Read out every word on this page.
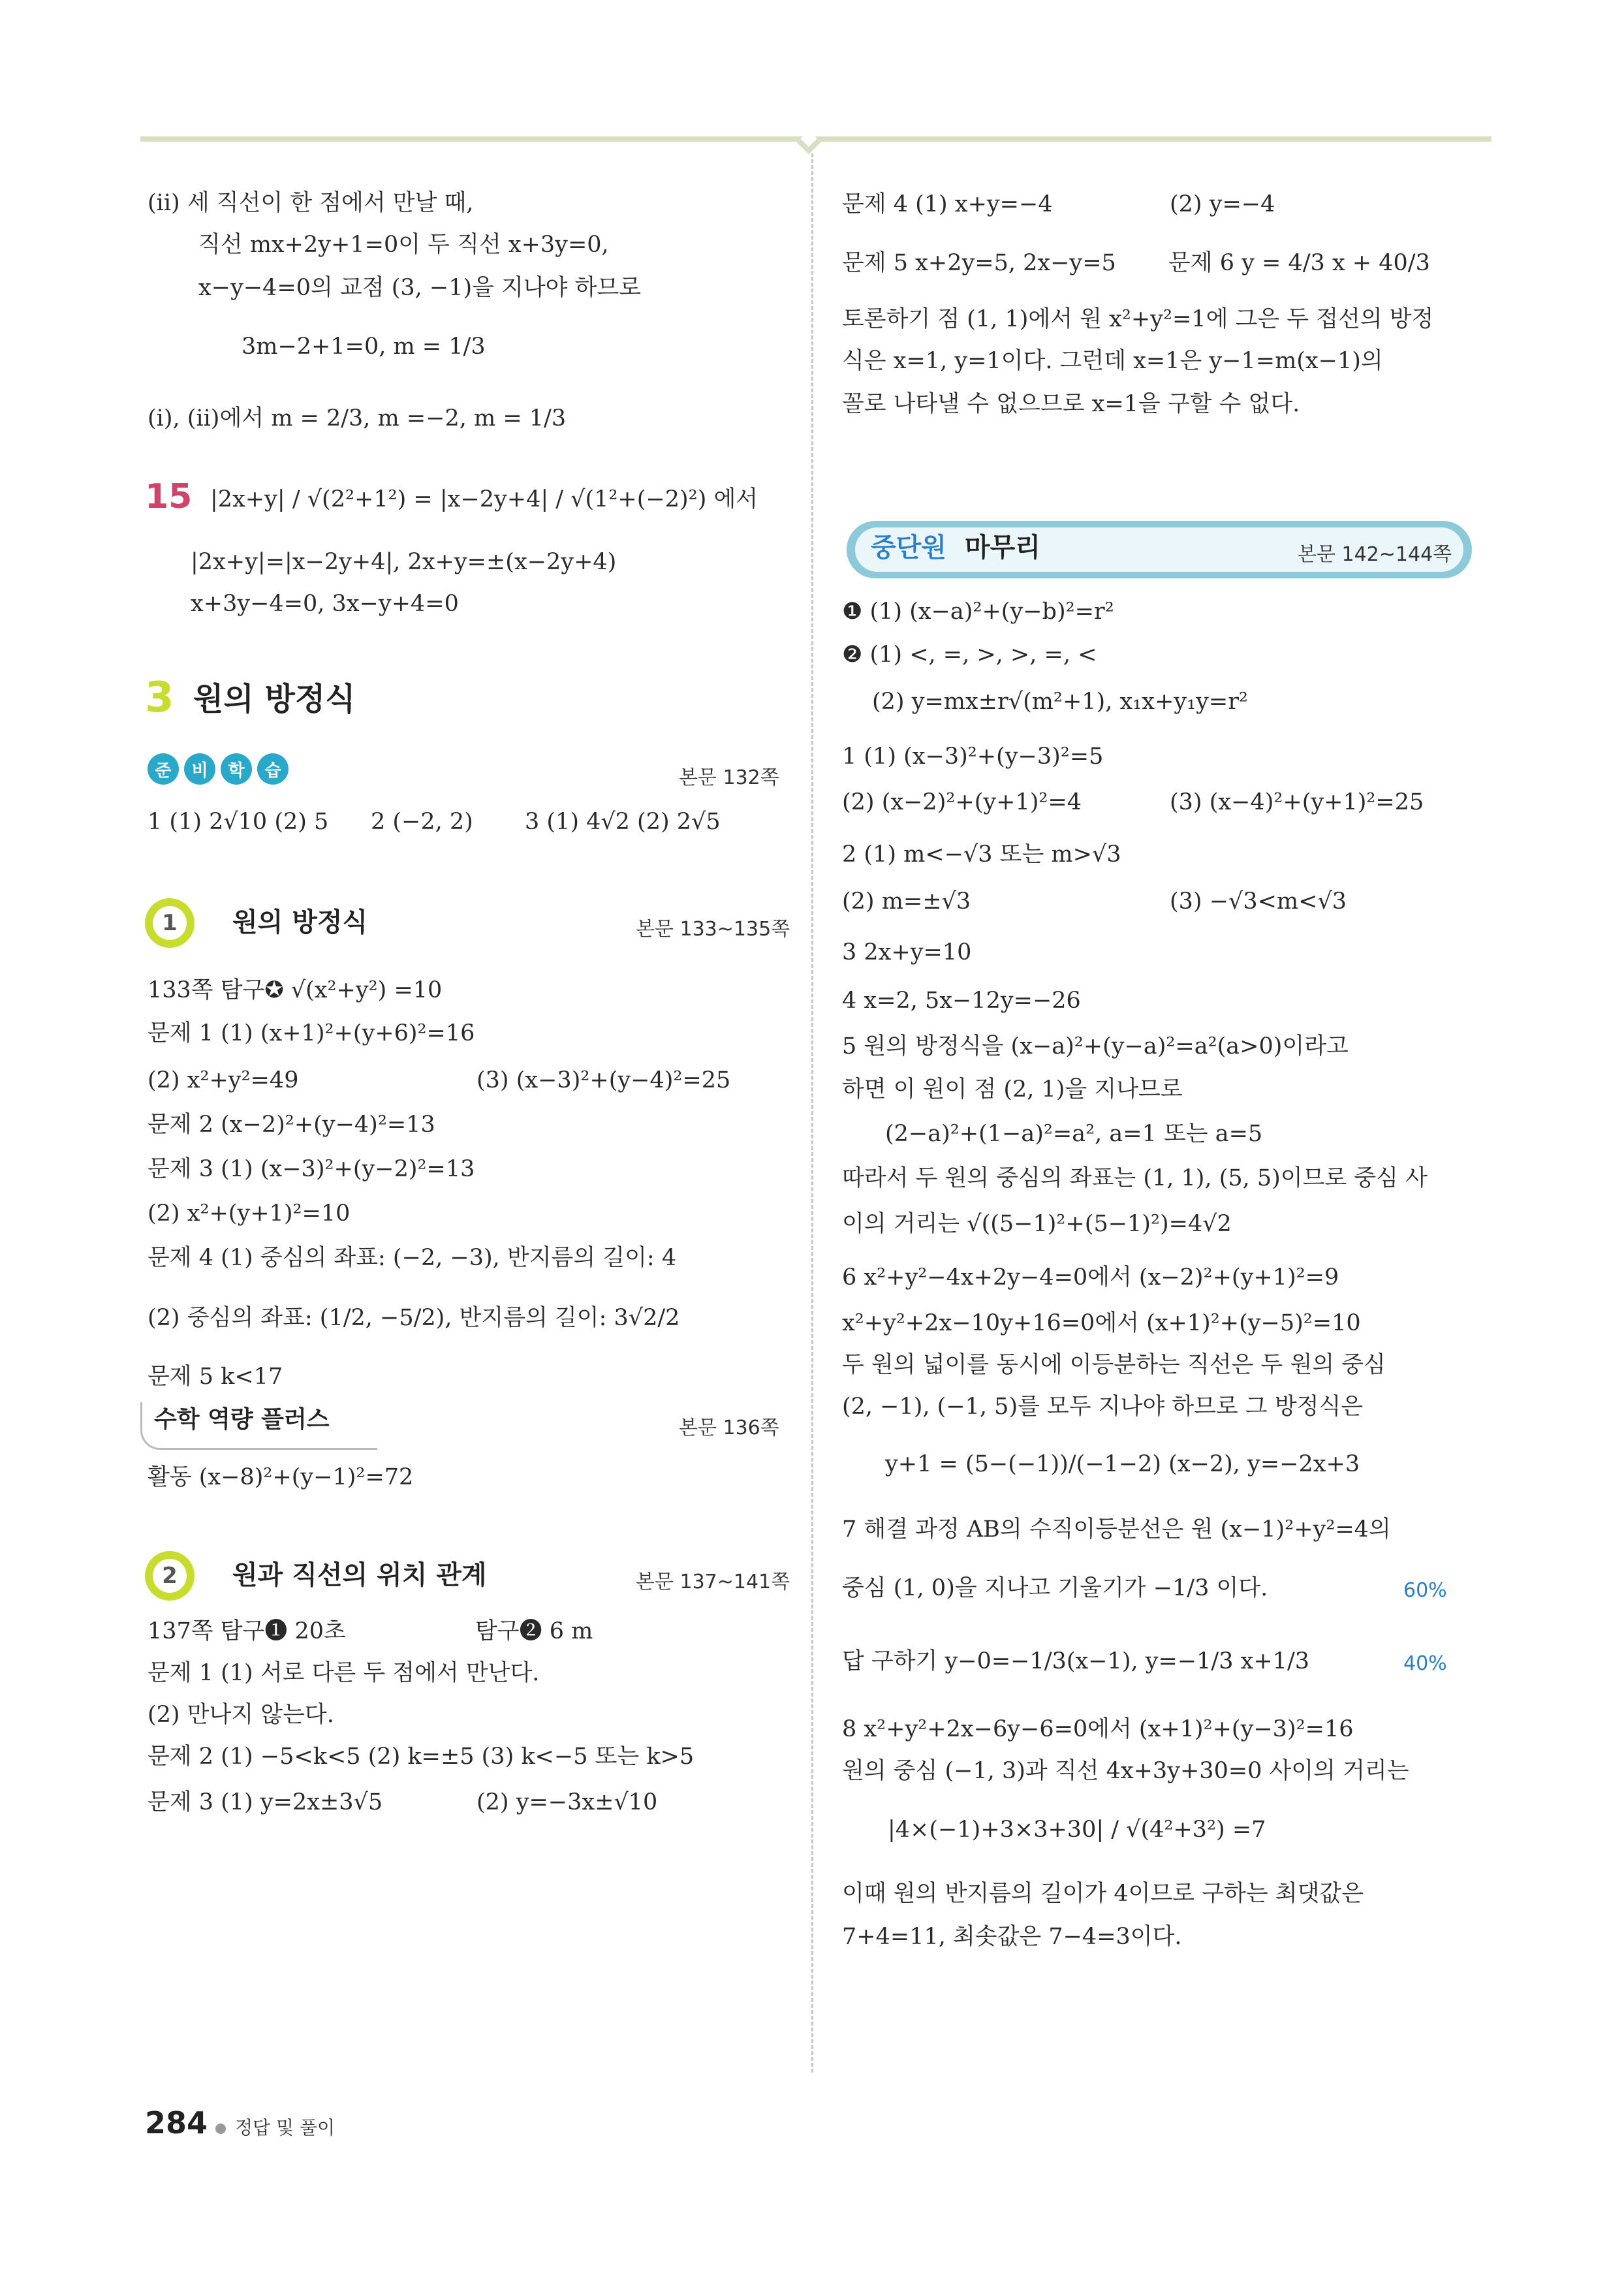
(ii) 세 직선이 한 점에서 만날 때,
직선 mx+2y+1=0이 두 직선 x+3y=0,
x−y−4=0의 교점 (3, −1)을 지나야 하므로
3m−2+1=0, m = 1/3
(i), (ii)에서 m = 2/3, m =−2, m = 1/3
15 |2x+y| / √(2²+1²) = |x−2y+4| / √(1²+(−2)²) 에서
|2x+y|=|x−2y+4|, 2x+y=±(x−2y+4)
x+3y−4=0, 3x−y+4=0
3 원의 방정식
준	비	학	습	본문 132쪽
1 (1) 2√10 (2) 5 2 (−2, 2) 3 (1) 4√2 (2) 2√5
1	원의 방정식	본문 133~135쪽
133쪽 탐구✪ √(x²+y²) =10
문제 1 (1) (x+1)²+(y+6)²=16
(2) x²+y²=49	(3) (x−3)²+(y−4)²=25
문제 2 (x−2)²+(y−4)²=13
문제 3 (1) (x−3)²+(y−2)²=13
(2) x²+(y+1)²=10
문제 4 (1) 중심의 좌표: (−2, −3), 반지름의 길이: 4
(2) 중심의 좌표: (1/2, −5/2), 반지름의 길이: 3√2/2
문제 5 k<17
수학 역량 플러스	본문 136쪽
활동 (x−8)²+(y−1)²=72
2	원과 직선의 위치 관계	본문 137~141쪽
137쪽 탐구❶ 20초	탐구❷ 6 m
문제 1 (1) 서로 다른 두 점에서 만난다.
(2) 만나지 않는다.
문제 2 (1) −5<k<5 (2) k=±5 (3) k<−5 또는 k>5
문제 3 (1) y=2x±3√5	(2) y=−3x±√10
문제 4 (1) x+y=−4	(2) y=−4
문제 5 x+2y=5, 2x−y=5 문제 6 y = 4/3 x + 40/3
토론하기 점 (1, 1)에서 원 x²+y²=1에 그은 두 접선의 방정
식은 x=1, y=1이다. 그런데 x=1은 y−1=m(x−1)의
꼴로 나타낼 수 없으므로 x=1을 구할 수 없다.
중단원 마무리	본문 142~144쪽
❶ (1) (x−a)²+(y−b)²=r²
❷ (1) <, =, >, >, =, <
(2) y=mx±r√(m²+1), x₁x+y₁y=r²
1 (1) (x−3)²+(y−3)²=5
(2) (x−2)²+(y+1)²=4	(3) (x−4)²+(y+1)²=25
2 (1) m<−√3 또는 m>√3
(2) m=±√3	(3) −√3<m<√3
3 2x+y=10
4 x=2, 5x−12y=−26
5 원의 방정식을 (x−a)²+(y−a)²=a²(a>0)이라고
하면 이 원이 점 (2, 1)을 지나므로
(2−a)²+(1−a)²=a², a=1 또는 a=5
따라서 두 원의 중심의 좌표는 (1, 1), (5, 5)이므로 중심 사
이의 거리는 √((5−1)²+(5−1)²)=4√2
6 x²+y²−4x+2y−4=0에서 (x−2)²+(y+1)²=9
x²+y²+2x−10y+16=0에서 (x+1)²+(y−5)²=10
두 원의 넓이를 동시에 이등분하는 직선은 두 원의 중심
(2, −1), (−1, 5)를 모두 지나야 하므로 그 방정식은
y+1 = (5−(−1))/(−1−2) (x−2), y=−2x+3
7 해결 과정 AB의 수직이등분선은 원 (x−1)²+y²=4의
중심 (1, 0)을 지나고 기울기가 −1/3 이다.	60%
답 구하기 y−0=−1/3(x−1), y=−1/3 x+1/3	40%
8 x²+y²+2x−6y−6=0에서 (x+1)²+(y−3)²=16
원의 중심 (−1, 3)과 직선 4x+3y+30=0 사이의 거리는
|4×(−1)+3×3+30| / √(4²+3²) =7
이때 원의 반지름의 길이가 4이므로 구하는 최댓값은
7+4=11, 최솟값은 7−4=3이다.
284	정답 및 풀이
